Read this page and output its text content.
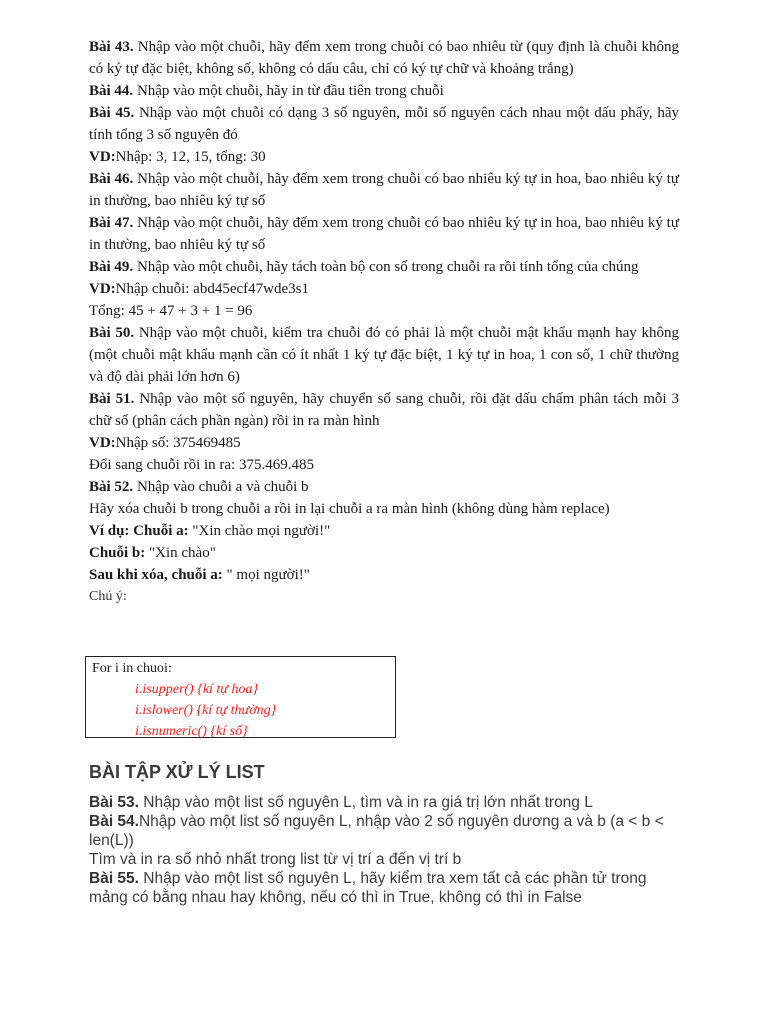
Bài 43. Nhập vào một chuỗi, hãy đếm xem trong chuỗi có bao nhiêu từ (quy định là chuỗi không có ký tự đặc biệt, không số, không có dấu câu, chỉ có ký tự chữ và khoảng trắng)

Bài 44. Nhập vào một chuỗi, hãy in từ đầu tiên trong chuỗi

Bài 45. Nhập vào một chuỗi có dạng 3 số nguyên, mỗi số nguyên cách nhau một dấu phẩy, hãy tính tổng 3 số nguyên đó

VD:Nhập: 3, 12, 15, tổng: 30

Bài 46. Nhập vào một chuỗi, hãy đếm xem trong chuỗi có bao nhiêu ký tự in hoa, bao nhiêu ký tự in thường, bao nhiêu ký tự số

Bài 47. Nhập vào một chuỗi, hãy đếm xem trong chuỗi có bao nhiêu ký tự in hoa, bao nhiêu ký tự in thường, bao nhiêu ký tự số

Bài 49. Nhập vào một chuỗi, hãy tách toàn bộ con số trong chuỗi ra rồi tính tổng của chúng

VD:Nhập chuỗi: abd45ecf47wde3s1

Tổng: 45 + 47 + 3 + 1 = 96

Bài 50. Nhập vào một chuỗi, kiểm tra chuỗi đó có phải là một chuỗi mật khẩu mạnh hay không (một chuỗi mật khẩu mạnh cần có ít nhất 1 ký tự đặc biệt, 1 ký tự in hoa, 1 con số, 1 chữ thường và độ dài phải lớn hơn 6)

Bài 51. Nhập vào một số nguyên, hãy chuyển số sang chuỗi, rồi đặt dấu chấm phân tách mỗi 3 chữ số (phân cách phần ngàn) rồi in ra màn hình

VD:Nhập số: 375469485

Đổi sang chuỗi rồi in ra: 375.469.485

Bài 52. Nhập vào chuỗi a và chuỗi b

Hãy xóa chuỗi b trong chuỗi a rồi in lại chuỗi a ra màn hình (không dùng hàm replace)

Ví dụ: Chuỗi a: "Xin chào mọi người!"

Chuỗi b: "Xin chào"

Sau khi xóa, chuỗi a: " mọi người!"

Chú ý:

For i in chuoi:
i.isupper() {kí tự hoa}
i.islower() {kí tự thường}
i.isnumeric() {kí số}
BÀI TẬP XỬ LÝ LIST

Bài 53. Nhập vào một list số nguyên L, tìm và in ra giá trị lớn nhất trong L

Bài 54.Nhập vào một list số nguyên L, nhập vào 2 số nguyên dương a và b (a < b < len(L))

Tìm và in ra số nhỏ nhất trong list từ vị trí a đến vị trí b

Bài 55. Nhập vào một list số nguyên L, hãy kiểm tra xem tất cả các phần tử trong mảng có bằng nhau hay không, nếu có thì in True, không có thì in False
